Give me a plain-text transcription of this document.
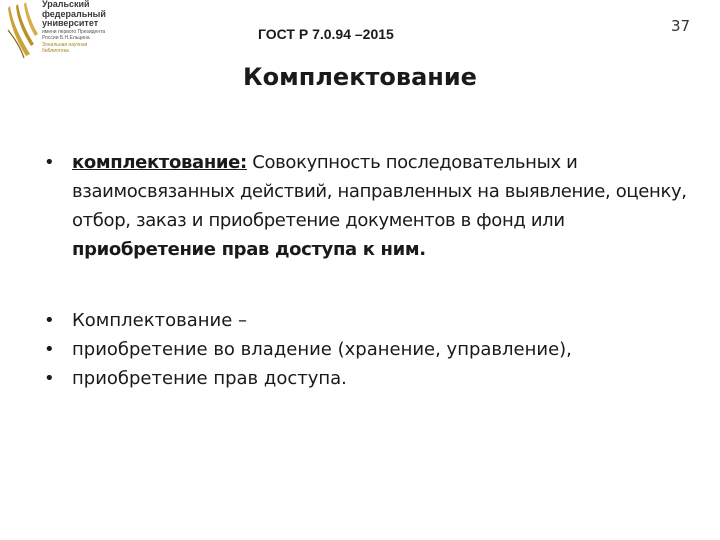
Уральский
федеральный
университет
имени первого Президента
России Б.Н.Ельцина
Зональная научная
библиотека
ГОСТ Р 7.0.94 –2015	37
Комплектование
• комплектование: Совокупность последовательных и взаимосвязанных действий, направленных на выявление, оценку, отбор, заказ и приобретение документов в фонд или приобретение прав доступа к ним.
• Комплектование –
• приобретение во владение (хранение, управление),
• приобретение прав доступа.
